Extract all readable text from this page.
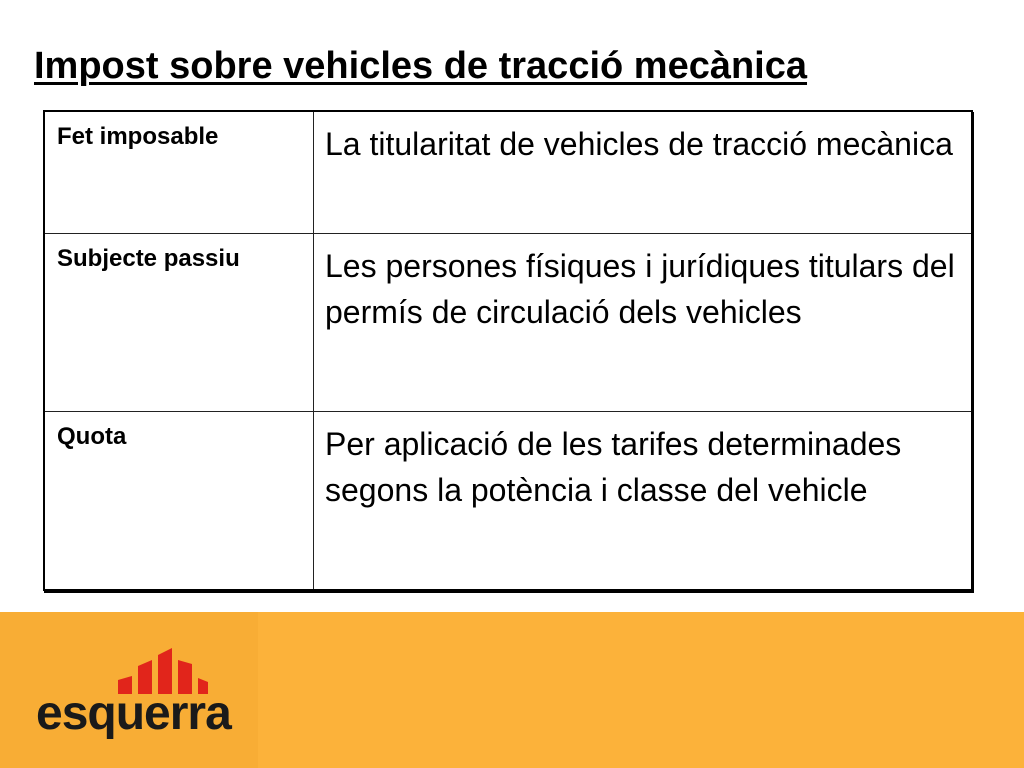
Impost sobre vehicles de tracció mecànica
Fet imposable	La titularitat de vehicles de tracció mecànica
Subjecte passiu	Les persones físiques i jurídiques titulars del permís de circulació dels vehicles
Quota	Per aplicació de les tarifes determinades segons la potència i classe del vehicle
esquerra
